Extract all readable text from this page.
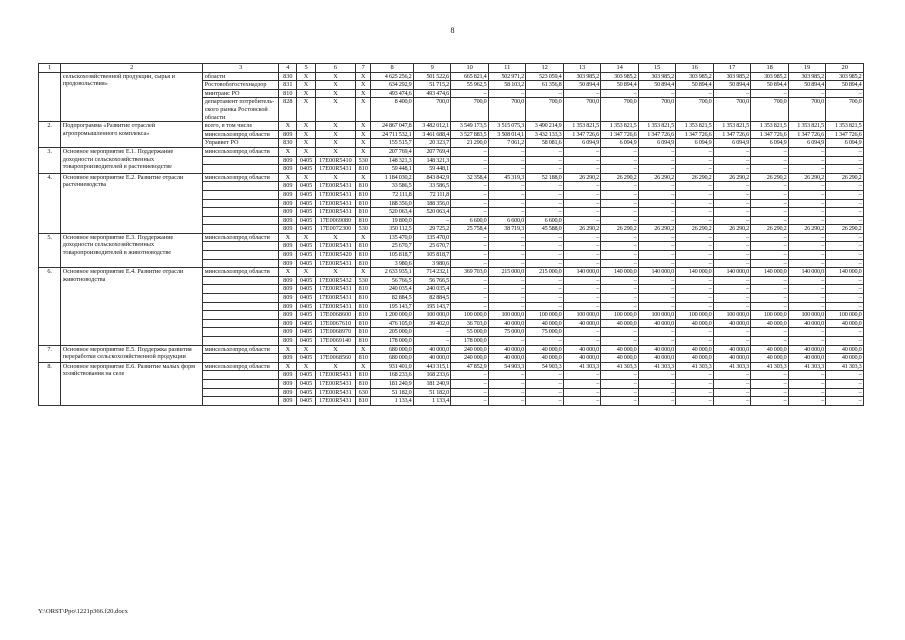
8
1	2	3	4	5	6	7	8	9	10	11	12	13	14	15	16	17	18	19	20
	сельскохозяйственной продукции, сырья и продовольствия»	области	830	X	X	X	4 625 256,2	501 522,6	665 821,4	502 971,2	523 059,4	303 985,2	303 985,2	303 985,2	303 985,2	303 985,2	303 985,2	303 985,2	303 985,2
		Ростовоблгостехнадзор	831	X	X	X	634 292,9	51 715,2	55 962,5	58 103,2	61 356,8	50 894,4	50 894,4	50 894,4	50 894,4	50 894,4	50 894,4	50 894,4	50 894,4
		минтранс РО	810	X	X	X	493 474,6	493 474,6	–	–	–	–	–	–	–	–	–	–	–
		департамент потребительского рынка Ростовской области	828	X	X	X	8 400,0	700,0	700,0	700,0	700,0	700,0	700,0	700,0	700,0	700,0	700,0	700,0	700,0
2.	Подпрограмма «Развитие отраслей агропромышленного комплекса»	всего, в том числе	X	X	X	X	24 867 047,8	3 482 012,1	3 549 173,5	3 515 075,3	3 490 214,9	1 353 821,5	1 353 821,5	1 353 821,5	1 353 821,5	1 353 821,5	1 353 821,5	1 353 821,5	1 353 821,5
		минсельхозпрод области	809	X	X	X	24 711 532,1	3 461 688,4	3 527 883,5	3 508 014,1	3 432 133,3	1 347 726,6	1 347 726,6	1 347 726,6	1 347 726,6	1 347 726,6	1 347 726,6	1 347 726,6	1 347 726,6
		Управвет РО	830	X	X	X	155 515,7	20 323,7	21 290,0	7 061,2	58 081,6	6 094,9	6 094,9	6 094,9	6 094,9	6 094,9	6 094,9	6 094,9	6 094,9
3.	Основное мероприятие Е.1. Поддержание доходности сельскохозяйственных товаропроизводителей в растениеводстве	минсельхозпрод области	X	X	X	X	207 769,4	207 769,4	–	–	–	–	–	–	–	–	–	–	–
			809	0405	17Е00R5410	530	148 321,3	148 321,3	–	–	–	–	–	–	–	–	–	–	–
			809	0405	17Е00R5431	810	59 448,1	59 448,1	–	–	–	–	–	–	–	–	–	–	–
4.	Основное мероприятие Е.2. Развитие отрасли растениеводства	минсельхозпрод области	X	X	X	X	1 184 030,2	843 842,9	32 358,4	45 319,3	52 188,0	26 290,2	26 290,2	26 290,2	26 290,2	26 290,2	26 290,2	26 290,2	26 290,2
			809	0405	17Е00R5431	810	33 586,5	33 586,5	–	–	–	–	–	–	–	–	–	–	–
			809	0405	17Е00R5431	810	72 111,8	72 111,8	–	–	–	–	–	–	–	–	–	–	–
			809	0405	17Е00R5431	810	188 356,0	188 356,0	–	–	–	–	–	–	–	–	–	–	–
			809	0405	17Е00R5431	810	520 063,4	520 063,4	–	–	–	–	–	–	–	–	–	–	–
			809	0405	17Е0069080	810	19 800,0	–	6 600,0	6 600,0	6 600,0	–	–	–	–	–	–	–	–
			809	0405	17Е0072300	530	350 112,5	29 725,2	25 758,4	38 719,3	45 588,0	26 290,2	26 290,2	26 290,2	26 290,2	26 290,2	26 290,2	26 290,2	26 290,2
5.	Основное мероприятие Е.3. Поддержание доходности сельскохозяйственных товаропроизводителей в животноводстве	минсельхозпрод области	X	X	X	X	135 470,0	135 470,0	–	–	–	–	–	–	–	–	–	–	–
			809	0405	17Е00R5431	810	25 670,7	25 670,7	–	–	–	–	–	–	–	–	–	–	–
			809	0405	17Е00R5420	810	105 818,7	105 818,7	–	–	–	–	–	–	–	–	–	–	–
			809	0405	17Е00R5431	810	3 980,6	3 980,6	–	–	–	–	–	–	–	–	–	–	–
6.	Основное мероприятие Е.4. Развитие отрасли животноводства	минсельхозпрод области	X	X	X	X	2 633 935,1	714 232,1	369 703,0	215 000,0	215 000,0	140 000,0	140 000,0	140 000,0	140 000,0	140 000,0	140 000,0	140 000,0	140 000,0
			809	0405	17Е00R5432	530	56 766,5	56 766,5	–	–	–	–	–	–	–	–	–	–	–
			809	0405	17Е00R5431	810	240 035,4	240 035,4	–	–	–	–	–	–	–	–	–	–	–
			809	0405	17Е00R5431	810	82 884,5	82 884,5	–	–	–	–	–	–	–	–	–	–	–
			809	0405	17Е00R5431	810	195 143,7	195 143,7	–	–	–	–	–	–	–	–	–	–	–
			809	0405	17Е0068600	810	1 200 000,0	100 000,0	100 000,0	100 000,0	100 000,0	100 000,0	100 000,0	100 000,0	100 000,0	100 000,0	100 000,0	100 000,0	100 000,0
			809	0405	17Е0067610	810	476 105,0	39 402,0	36 703,0	40 000,0	40 000,0	40 000,0	40 000,0	40 000,0	40 000,0	40 000,0	40 000,0	40 000,0	40 000,0
			809	0405	17Е0068970	810	205 000,0	–	55 000,0	75 000,0	75 000,0	–	–	–	–	–	–	–	–
			809	0405	17Е0069140	810	178 000,0	–	178 000,0	–	–	–	–	–	–	–	–	–	–
7.	Основное мероприятие Е.5. Поддержка развития переработки сельскохозяйственной продукции	минсельхозпрод области	X	X	X	X	680 000,0	40 000,0	240 000,0	40 000,0	40 000,0	40 000,0	40 000,0	40 000,0	40 000,0	40 000,0	40 000,0	40 000,0	40 000,0
			809	0405	17Е0068560	810	680 000,0	40 000,0	240 000,0	40 000,0	40 000,0	40 000,0	40 000,0	40 000,0	40 000,0	40 000,0	40 000,0	40 000,0	40 000,0
8.	Основное мероприятие Е.6. Развитие малых форм хозяйствования на селе	минсельхозпрод области	X	X	X	X	931 401,0	443 315,1	47 852,9	54 903,3	54 903,3	41 303,3	41 303,3	41 303,3	41 303,3	41 303,3	41 303,3	41 303,3	41 303,3
			809	0405	17Е00R5431	810	168 233,6	168 233,6	–	–	–	–	–	–	–	–	–	–	–
			809	0405	17Е00R5431	810	181 240,9	181 240,9	–	–	–	–	–	–	–	–	–	–	–
			809	0405	17Е00R5431	630	51 182,0	51 182,0	–	–	–	–	–	–	–	–	–	–	–
			809	0405	17Е00R5431	810	1 133,4	1 133,4	–	–	–	–	–	–	–	–	–	–	–
Y:\ORST\Ppo\1221p366.f20.docx
